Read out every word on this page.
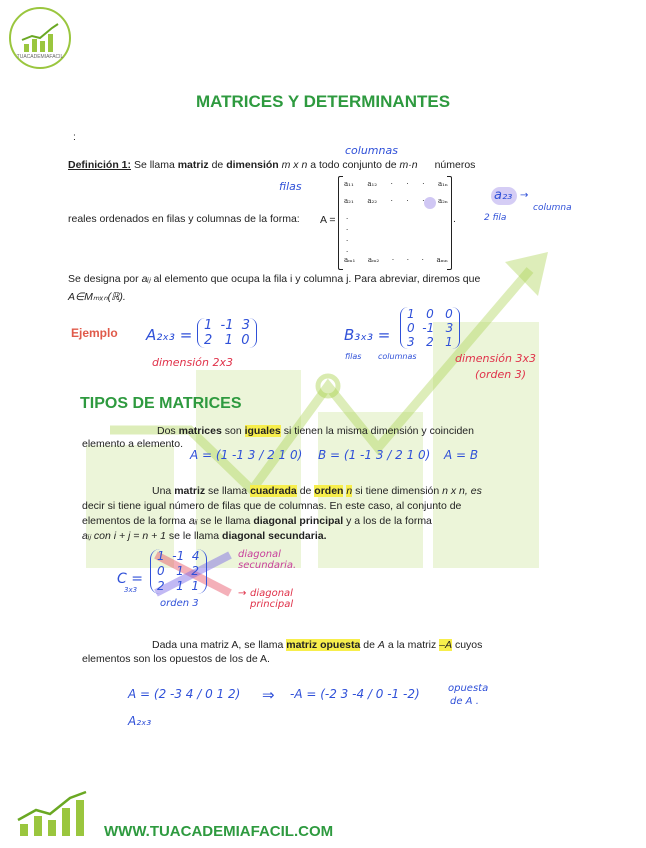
TUACADEMIAFACIL
MATRICES Y DETERMINANTES
:
Definición 1: Se llama matriz de dimensión m x n a todo conjunto de m·n números
columnas
filas
reales ordenados en filas y columnas de la forma: A =	.
a₁₁ a₁₂ · · · a₁ₙ
a₂₁ a₂₂ · · · a₂ₙ
·
·
·
·
aₘ₁ aₘ₂ · · · aₘₙ
a₂₃ →
columna
2 fila
Se designa por aᵢⱼ al elemento que ocupa la fila i y columna j. Para abreviar, diremos que
A∈Mₘₓₙ(ℝ).
Ejemplo A₂ₓ₃ =
1  -1  3
2   1  0
dimensión 2x3
B₃ₓ₃ =
1   0   0
0  -1   3
3   2   1
filas columnas	dimensión 3x3
(orden 3)
TIPOS DE MATRICES
Dos matrices son iguales si tienen la misma dimensión y coinciden
elemento a elemento.
A = (1 -1 3 / 2 1 0) B = (1 -1 3 / 2 1 0) A = B
Una matriz se llama cuadrada de orden n si tiene dimensión n x n, es
decir si tiene igual número de filas que de columnas. En este caso, al conjunto de
elementos de la forma aᵢᵢ se le llama diagonal principal y a los de la forma
aᵢⱼ con i + j = n + 1 se le llama diagonal secundaria.
C =
3x3
1  -1  4
0   1  2
2   1  1
diagonal secundaria.
→ diagonal principal
orden 3
Dada una matriz A, se llama matriz opuesta de A a la matriz –A cuyos
elementos son los opuestos de los de A.
A = (2 -3 4 / 0 1 2) ⇒ -A = (-2 3 -4 / 0 -1 -2)	opuesta
de A .
A₂ₓ₃
WWW.TUACADEMIAFACIL.COM
